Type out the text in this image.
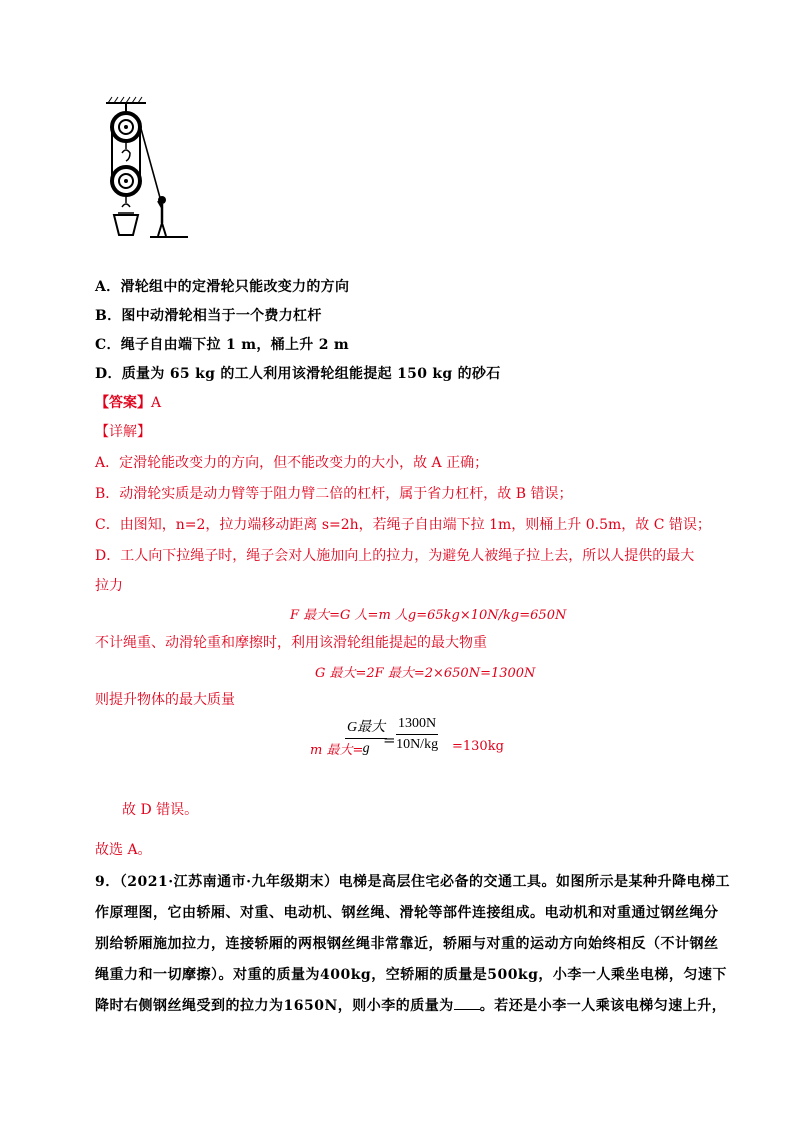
A．滑轮组中的定滑轮只能改变力的方向
B．图中动滑轮相当于一个费力杠杆
C．绳子自由端下拉 1 m，桶上升 2 m
D．质量为 65 kg 的工人利用该滑轮组能提起 150 kg 的砂石
【答案】A
【详解】
A．定滑轮能改变力的方向，但不能改变力的大小，故 A 正确；
B．动滑轮实质是动力臂等于阻力臂二倍的杠杆，属于省力杠杆，故 B 错误；
C．由图知，n=2，拉力端移动距离 s=2h，若绳子自由端下拉 1m，则桶上升 0.5m，故 C 错误；
D．工人向下拉绳子时，绳子会对人施加向上的拉力，为避免人被绳子拉上去，所以人提供的最大
拉力
F 最大=G 人=m 人g=65kg×10N/kg=650N
不计绳重、动滑轮重和摩擦时，利用该滑轮组能提起的最大物重
G 最大=2F 最大=2×650N=1300N
则提升物体的最大质量
m 最大=
G最大
$g = \frac{1300N}{10N/kg} =130kg$
故 D 错误。
故选 A。
9．（2021·江苏南通市·九年级期末）电梯是高层住宅必备的交通工具。如图所示是某种升降电梯工
作原理图，它由轿厢、对重、电动机、钢丝绳、滑轮等部件连接组成。电动机和对重通过钢丝绳分
别给轿厢施加拉力，连接轿厢的两根钢丝绳非常靠近，轿厢与对重的运动方向始终相反（不计钢丝
绳重力和一切摩擦）。对重的质量为400kg，空轿厢的质量是500kg，小李一人乘坐电梯，匀速下
降时右侧钢丝绳受到的拉力为1650N，则小李的质量为 。若还是小李一人乘该电梯匀速上升，
